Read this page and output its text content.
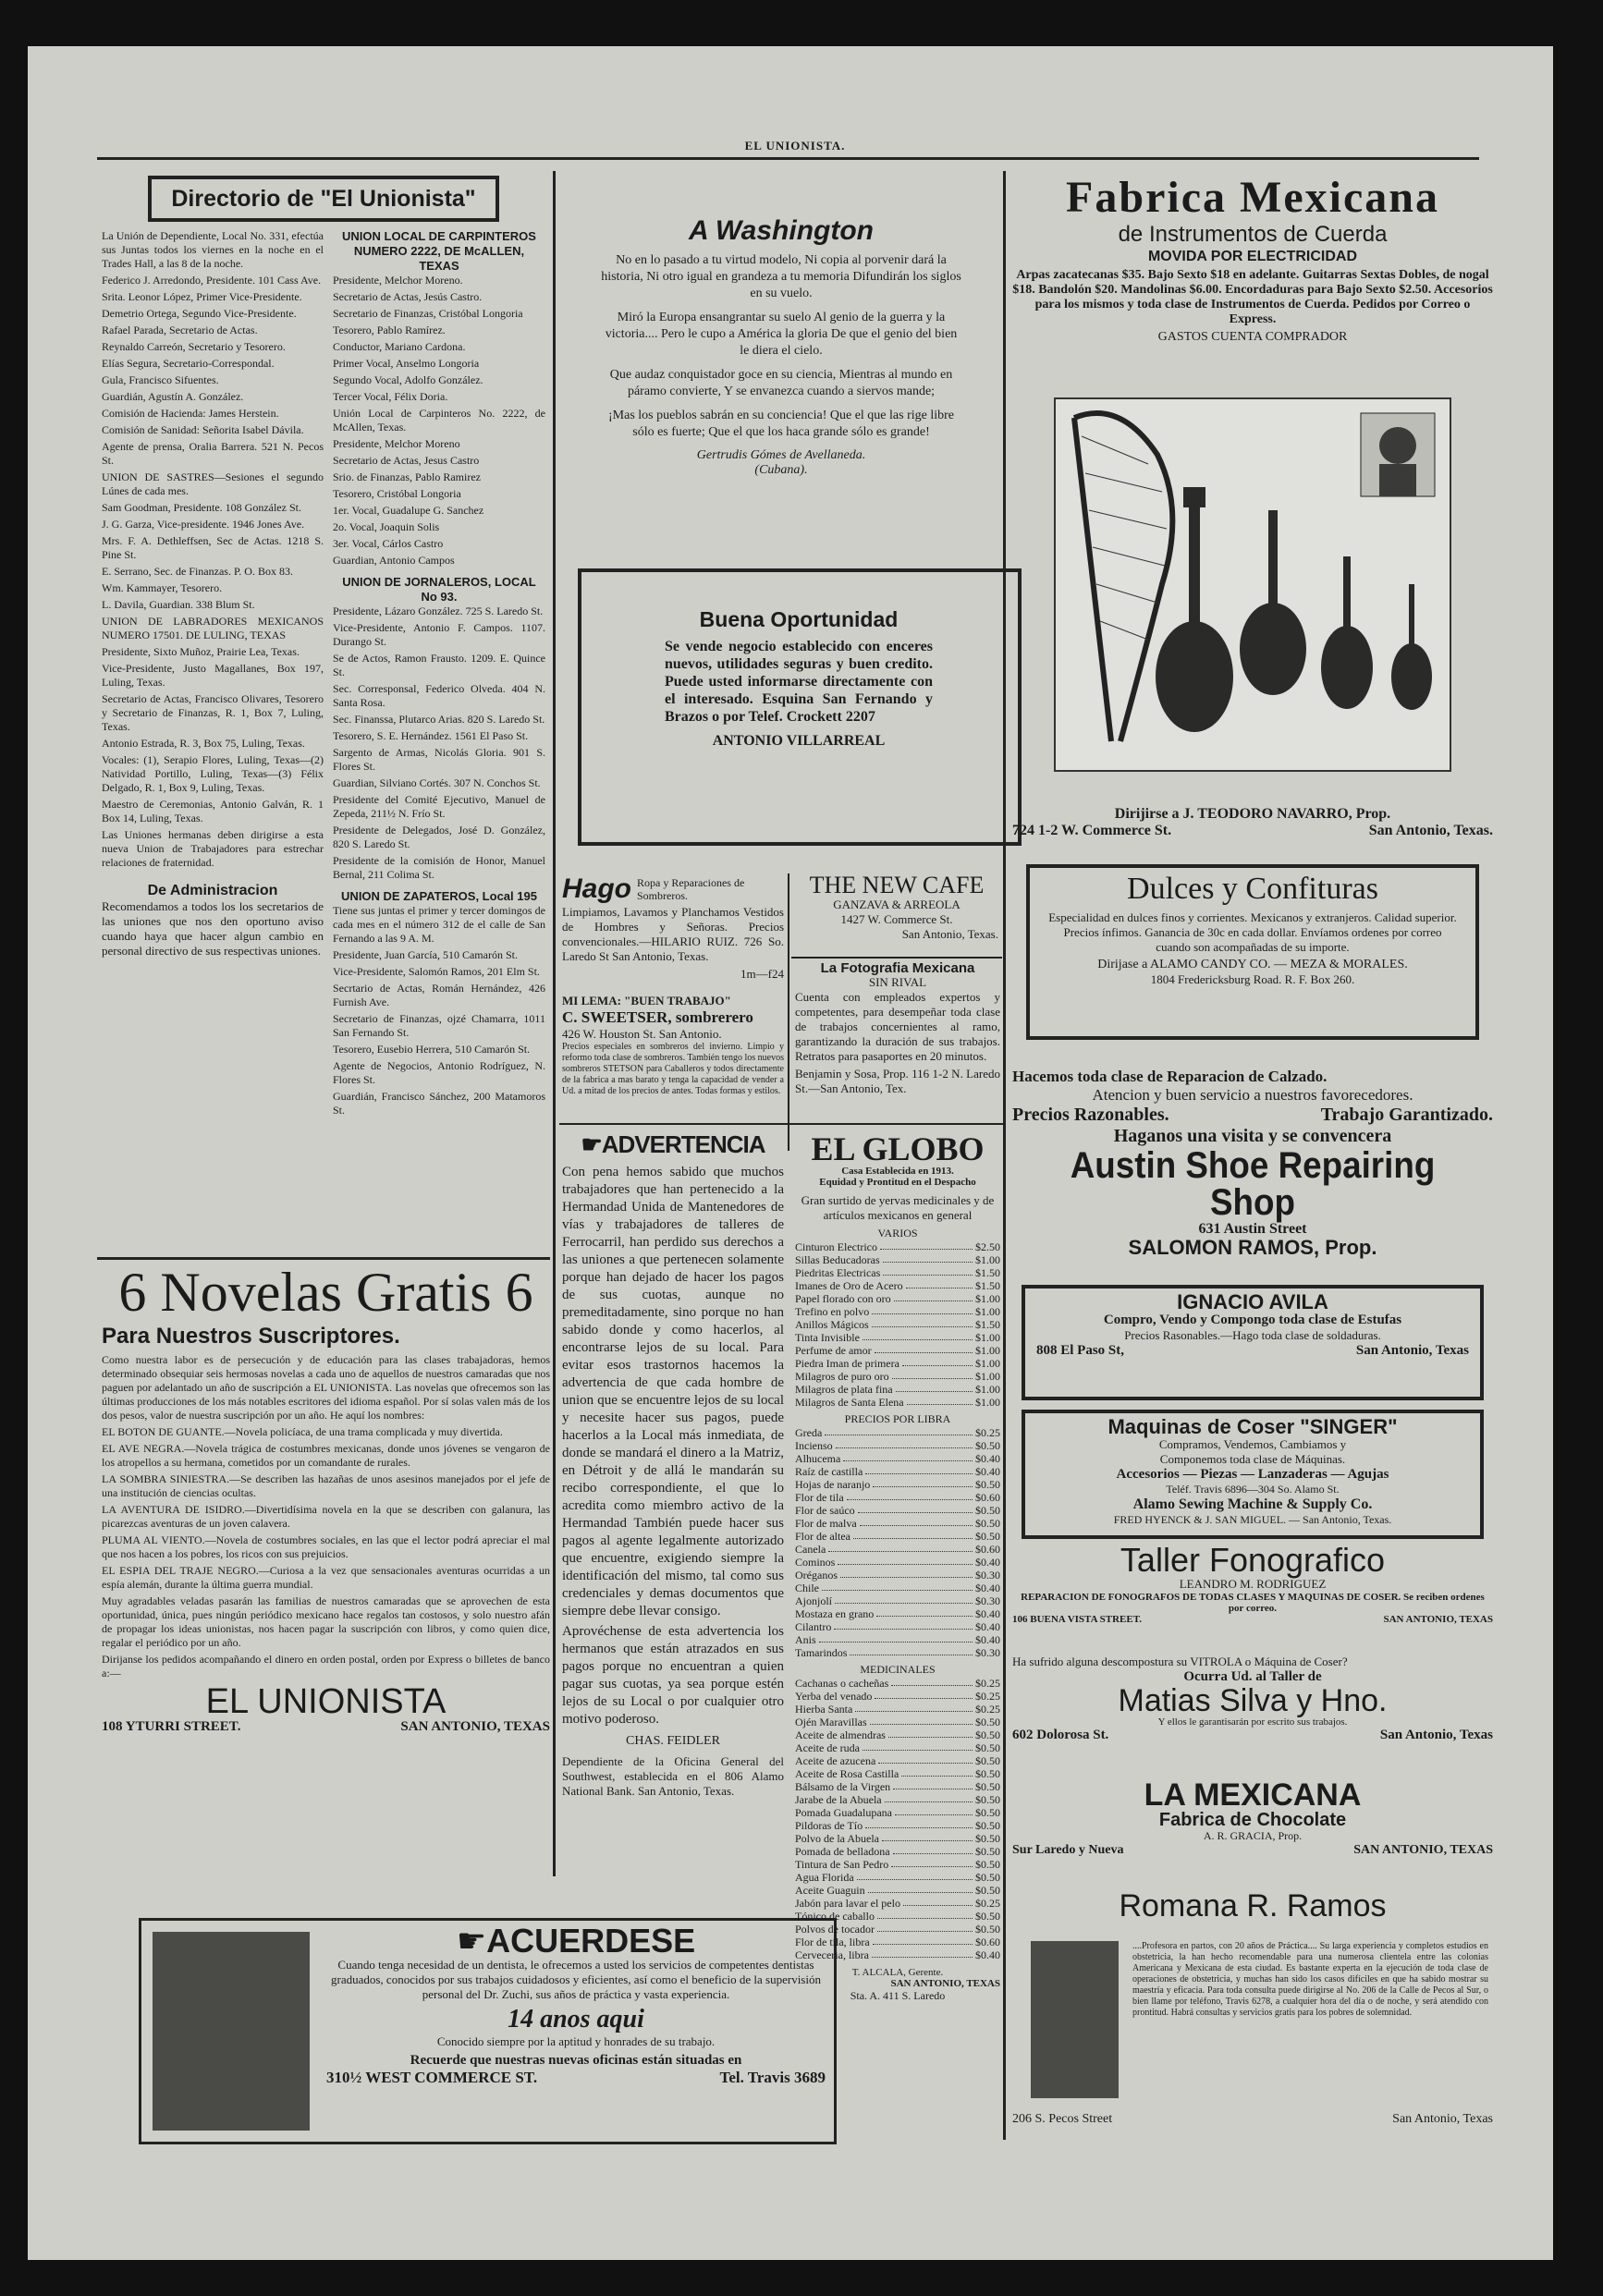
EL UNIONISTA.
Directorio de "El Unionista"

La Unión de Dependiente, Local No. 331, efectúa sus Juntas todos los viernes en la noche en el Trades Hall, a las 8 de la noche.

Federico J. Arredondo, Presidente. 101 Cass Ave.

Srita. Leonor López, Primer Vice-Presidente.

Demetrio Ortega, Segundo Vice-Presidente.

Rafael Parada, Secretario de Actas.

Reynaldo Carreón, Secretario y Tesorero.

Elías Segura, Secretario-Correspondal.

Gula, Francisco Sifuentes.

Guardián, Agustín A. González.

Comisión de Hacienda: James Herstein.

Comisión de Sanidad: Señorita Isabel Dávila.

Agente de prensa, Oralia Barrera. 521 N. Pecos St.

UNION DE SASTRES—Sesiones el segundo Lúnes de cada mes.

Sam Goodman, Presidente. 108 González St.

J. G. Garza, Vice-presidente. 1946 Jones Ave.

Mrs. F. A. Dethleffsen, Sec de Actas. 1218 S. Pine St.

E. Serrano, Sec. de Finanzas. P. O. Box 83.

Wm. Kammayer, Tesorero.

L. Davila, Guardian. 338 Blum St.

UNION DE LABRADORES MEXICANOS NUMERO 17501. DE LULING, TEXAS

Presidente, Sixto Muñoz, Prairie Lea, Texas.

Vice-Presidente, Justo Magallanes, Box 197, Luling, Texas.

Secretario de Actas, Francisco Olivares, Tesorero y Secretario de Finanzas, R. 1, Box 7, Luling, Texas.

Antonio Estrada, R. 3, Box 75, Luling, Texas.

Vocales: (1), Serapio Flores, Luling, Texas—(2) Natividad Portillo, Luling, Texas—(3) Félix Delgado, R. 1, Box 9, Luling, Texas.

Maestro de Ceremonias, Antonio Galván, R. 1 Box 14, Luling, Texas.

Las Uniones hermanas deben dirigirse a esta nueva Union de Trabajadores para estrechar relaciones de fraternidad.

De Administracion

Recomendamos a todos los los secretarios de las uniones que nos den oportuno aviso cuando haya que hacer algun cambio en personal directivo de sus respectivas uniones.

UNION LOCAL DE CARPINTEROS NUMERO 2222, DE McALLEN, TEXAS

Presidente, Melchor Moreno.

Secretario de Actas, Jesús Castro.

Secretario de Finanzas, Cristóbal Longoria

Tesorero, Pablo Ramírez.

Conductor, Mariano Cardona.

Primer Vocal, Anselmo Longoria

Segundo Vocal, Adolfo González.

Tercer Vocal, Félix Doria.

Unión Local de Carpinteros No. 2222, de McAllen, Texas.

Presidente, Melchor Moreno

Secretario de Actas, Jesus Castro

Srio. de Finanzas, Pablo Ramirez

Tesorero, Cristóbal Longoria

1er. Vocal, Guadalupe G. Sanchez

2o. Vocal, Joaquin Solis

3er. Vocal, Cárlos Castro

Guardian, Antonio Campos

UNION DE JORNALEROS, LOCAL No 93.

Presidente, Lázaro González. 725 S. Laredo St.

Vice-Presidente, Antonio F. Campos. 1107. Durango St.

Se de Actos, Ramon Frausto. 1209. E. Quince St.

Sec. Corresponsal, Federico Olveda. 404 N. Santa Rosa.

Sec. Finanssa, Plutarco Arias. 820 S. Laredo St.

Tesorero, S. E. Hernández. 1561 El Paso St.

Sargento de Armas, Nicolás Gloria. 901 S. Flores St.

Guardian, Silviano Cortés. 307 N. Conchos St.

Presidente del Comité Ejecutivo, Manuel de Zepeda, 211½ N. Frío St.

Presidente de Delegados, José D. González, 820 S. Laredo St.

Presidente de la comisión de Honor, Manuel Bernal, 211 Colima St.

UNION DE ZAPATEROS, Local 195

Tiene sus juntas el primer y tercer domingos de cada mes en el número 312 de el calle de San Fernando a las 9 A. M.

Presidente, Juan García, 510 Camarón St.

Vice-Presidente, Salomón Ramos, 201 Elm St.

Secrtario de Actas, Román Hernández, 426 Furnish Ave.

Secretario de Finanzas, ojzé Chamarra, 1011 San Fernando St.

Tesorero, Eusebio Herrera, 510 Camarón St.

Agente de Negocios, Antonio Rodríguez, N. Flores St.

Guardián, Francisco Sánchez, 200 Matamoros St.

6 Novelas Gratis 6
Para Nuestros Suscriptores.

Como nuestra labor es de persecución y de educación para las clases trabajadoras, hemos determinado obsequiar seis hermosas novelas a cada uno de aquellos de nuestros camaradas que nos paguen por adelantado un año de suscripción a EL UNIONISTA. Las novelas que ofrecemos son las últimas producciones de los más notables escritores del idioma español. Por sí solas valen más de los dos pesos, valor de nuestra suscripción por un año. He aquí los nombres:

EL BOTON DE GUANTE.—Novela policíaca, de una trama complicada y muy divertida.

EL AVE NEGRA.—Novela trágica de costumbres mexicanas, donde unos jóvenes se vengaron de los atropellos a su hermana, cometidos por un comandante de rurales.

LA SOMBRA SINIESTRA.—Se describen las hazañas de unos asesinos manejados por el jefe de una institución de ciencias ocultas.

LA AVENTURA DE ISIDRO.—Divertidísima novela en la que se describen con galanura, las picarezcas aventuras de un joven calavera.

PLUMA AL VIENTO.—Novela de costumbres sociales, en las que el lector podrá apreciar el mal que nos hacen a los pobres, los ricos con sus prejuicios.

EL ESPIA DEL TRAJE NEGRO.—Curiosa a la vez que sensacionales aventuras ocurridas a un espía alemán, durante la última guerra mundial.

Muy agradables veladas pasarán las familias de nuestros camaradas que se aprovechen de esta oportunidad, única, pues ningún periódico mexicano hace regalos tan costosos, y solo nuestro afán de propagar los ideas unionistas, nos hacen pagar la suscripción con libros, y como quien dice, regalar el periódico por un año.

Dirijanse los pedidos acompañando el dinero en orden postal, orden por Express o billetes de banco a:—

EL UNIONISTA
108 YTURRI STREET.	SAN ANTONIO, TEXAS
☛ACUERDESE

Cuando tenga necesidad de un dentista, le ofrecemos a usted los servicios de competentes dentistas graduados, conocidos por sus trabajos cuidadosos y eficientes, así como el beneficio de la supervisión personal del Dr. Zuchi, sus años de práctica y vasta experiencia.

14 anos aqui
Conocido siempre por la aptitud y honrades de su trabajo.
Recuerde que nuestras nuevas oficinas están situadas en
310½ WEST COMMERCE ST.	Tel. Travis 3689
A Washington

No en lo pasado a tu virtud modelo, Ni copia al porvenir dará la historia, Ni otro igual en grandeza a tu memoria Difundirán los siglos en su vuelo.

Miró la Europa ensangrantar su suelo Al genio de la guerra y la victoria.... Pero le cupo a América la gloria De que el genio del bien le diera el cielo.

Que audaz conquistador goce en su ciencia, Mientras al mundo en páramo convierte, Y se envanezca cuando a siervos mande;

¡Mas los pueblos sabrán en su conciencia! Que el que las rige libre sólo es fuerte; Que el que los haca grande sólo es grande!

Gertrudis Gómes de Avellaneda.
(Cubana).
Buena Oportunidad

Se vende negocio establecido con enceres nuevos, utilidades seguras y buen credito. Puede usted informarse directamente con el interesado. Esquina San Fernando y Brazos o por Telef. Crockett 2207

ANTONIO VILLARREAL
Hago Ropa y Reparaciones de Sombreros.

Limpiamos, Lavamos y Planchamos Vestidos de Hombres y Señoras. Precios convencionales.—HILARIO RUIZ. 726 So. Laredo St San Antonio, Texas.

1m—f24
THE NEW CAFE
GANZAVA & ARREOLA
1427 W. Commerce St.
San Antonio, Texas.
La Fotografia Mexicana
SIN RIVAL

Cuenta con empleados expertos y competentes, para desempeñar toda clase de trabajos concernientes al ramo, garantizando la duración de sus trabajos. Retratos para pasaportes en 20 minutos.

Benjamin y Sosa, Prop. 116 1-2 N. Laredo St.—San Antonio, Tex.

MI LEMA: "BUEN TRABAJO"
C. SWEETSER, sombrerero
426 W. Houston St. San Antonio.

Precios especiales en sombreros del invierno. Limpio y reformo toda clase de sombreros. También tengo los nuevos sombreros STETSON para Caballeros y todos directamente de la fabrica a mas barato y tenga la capacidad de vender a Ud. a mitad de los precios de antes. Todas formas y estilos.

☛ADVERTENCIA

Con pena hemos sabido que muchos trabajadores que han pertenecido a la Hermandad Unida de Mantenedores de vías y trabajadores de talleres de Ferrocarril, han perdido sus derechos a las uniones a que pertenecen solamente porque han dejado de hacer los pagos de sus cuotas, aunque no premeditadamente, sino porque no han sabido donde y como hacerlos, al encontrarse lejos de su local. Para evitar esos trastornos hacemos la advertencia de que cada hombre de union que se encuentre lejos de su local y necesite hacer sus pagos, puede hacerlos a la Local más inmediata, de donde se mandará el dinero a la Matriz, en Détroit y de allá le mandarán su recibo correspondiente, el que lo acredita como miembro activo de la Hermandad También puede hacer sus pagos al agente legalmente autorizado que encuentre, exigiendo siempre la identificación del mismo, tal como sus credenciales y demas documentos que siempre debe llevar consigo.

Aprovéchense de esta advertencia los hermanos que están atrazados en sus pagos porque no encuentran a quien pagar sus cuotas, ya sea porque estén lejos de su Local o por cualquier otro motivo poderoso.

CHAS. FEIDLER

Dependiente de la Oficina General del Southwest, establecida en el 806 Alamo National Bank. San Antonio, Texas.

EL GLOBO
Casa Establecida en 1913.
Equidad y Prontitud en el Despacho
Gran surtido de yervas medicinales y de artículos mexicanos en general
VARIOS
Cinturon Electrico	$2.50
Sillas Beducadoras	$1.00
Piedritas Electricas	$1.50
Imanes de Oro de Acero	$1.50
Papel florado con oro	$1.00
Trefino en polvo	$1.00
Anillos Mágicos	$1.50
Tinta Invisible	$1.00
Perfume de amor	$1.00
Piedra Iman de primera	$1.00
Milagros de puro oro	$1.00
Milagros de plata fina	$1.00
Milagros de Santa Elena	$1.00
PRECIOS POR LIBRA
Greda	$0.25
Incienso	$0.50
Alhucema	$0.40
Raíz de castilla	$0.40
Hojas de naranjo	$0.50
Flor de tila	$0.60
Flor de saúco	$0.50
Flor de malva	$0.50
Flor de altea	$0.50
Canela	$0.60
Cominos	$0.40
Oréganos	$0.30
Chile	$0.40
Ajonjolí	$0.30
Mostaza en grano	$0.40
Cilantro	$0.40
Anis	$0.40
Tamarindos	$0.30
MEDICINALES
Cachanas o cacheñas	$0.25
Yerba del venado	$0.25
Hierba Santa	$0.25
Ojén Maravillas	$0.50
Aceite de almendras	$0.50
Aceite de ruda	$0.50
Aceite de azucena	$0.50
Aceite de Rosa Castilla	$0.50
Bálsamo de la Virgen	$0.50
Jarabe de la Abuela	$0.50
Pomada Guadalupana	$0.50
Pildoras de Tío	$0.50
Polvo de la Abuela	$0.50
Pomada de belladona	$0.50
Tintura de San Pedro	$0.50
Agua Florida	$0.50
Aceite Guaguin	$0.50
Jabón para lavar el pelo	$0.25
Tónico de caballo	$0.50
Polvos de tocador	$0.50
Flor de tila, libra	$0.60
Cerveceria, libra	$0.40
T. ALCALA, Gerente.
SAN ANTONIO, TEXAS
Sta. A. 411 S. Laredo
Fabrica Mexicana
de Instrumentos de Cuerda
MOVIDA POR ELECTRICIDAD

Arpas zacatecanas $35. Bajo Sexto $18 en adelante. Guitarras Sextas Dobles, de nogal $18. Bandolón $20. Mandolinas $6.00. Encordaduras para Bajo Sexto $2.50. Accesorios para los mismos y toda clase de Instrumentos de Cuerda. Pedidos por Correo o Express.

GASTOS CUENTA COMPRADOR
Dirijirse a J. TEODORO NAVARRO, Prop.
724 1-2 W. Commerce St.	San Antonio, Texas.
Dulces y Confituras

Especialidad en dulces finos y corrientes. Mexicanos y extranjeros. Calidad superior. Precios ínfimos. Ganancia de 30c en cada dollar. Envíamos ordenes por correo cuando son acompañadas de su importe.

Dirijase a ALAMO CANDY CO. — MEZA & MORALES.
1804 Fredericksburg Road. R. F. Box 260.
Hacemos toda clase de Reparacion de Calzado.
Atencion y buen servicio a nuestros favorecedores.
Precios Razonables.	Trabajo Garantizado.
Haganos una visita y se convencera
Austin Shoe Repairing Shop
631 Austin Street
SALOMON RAMOS, Prop.
IGNACIO AVILA
Compro, Vendo y Compongo toda clase de Estufas
Precios Rasonables.—Hago toda clase de soldaduras.
808 El Paso St,	San Antonio, Texas
Maquinas de Coser "SINGER"
Compramos, Vendemos, Cambiamos y
Componemos toda clase de Máquinas.
Accesorios — Piezas — Lanzaderas — Agujas
Teléf. Travis 6896—304 So. Alamo St.
Alamo Sewing Machine & Supply Co.
FRED HYENCK & J. SAN MIGUEL. — San Antonio, Texas.
Taller Fonografico
LEANDRO M. RODRIGUEZ
REPARACION DE FONOGRAFOS DE TODAS CLASES Y MAQUINAS DE COSER. Se reciben ordenes por correo.
106 BUENA VISTA STREET.	SAN ANTONIO, TEXAS
Ha sufrido alguna descompostura su VITROLA o Máquina de Coser?
Ocurra Ud. al Taller de
Matias Silva y Hno.
Y ellos le garantisarán por escrito sus trabajos.
602 Dolorosa St.	San Antonio, Texas
LA MEXICANA
Fabrica de Chocolate
A. R. GRACIA, Prop.
Sur Laredo y Nueva	SAN ANTONIO, TEXAS
Romana R. Ramos

....Profesora en partos, con 20 años de Práctica.... Su larga experiencia y completos estudios en obstetricia, la han hecho recomendable para una numerosa clientela entre las colonias Americana y Mexicana de esta ciudad. Es bastante experta en la ejecución de toda clase de operaciones de obstetricia, y muchas han sido los casos difíciles en que ha sabido mostrar su maestría y eficacia. Para toda consulta puede dirigirse al No. 206 de la Calle de Pecos al Sur, o bien llame por teléfono, Travis 6278, a cualquier hora del día o de noche, y será atendido con prontitud. Habrá consultas y servicios gratis para los pobres de solemnidad.

206 S. Pecos Street	San Antonio, Texas
